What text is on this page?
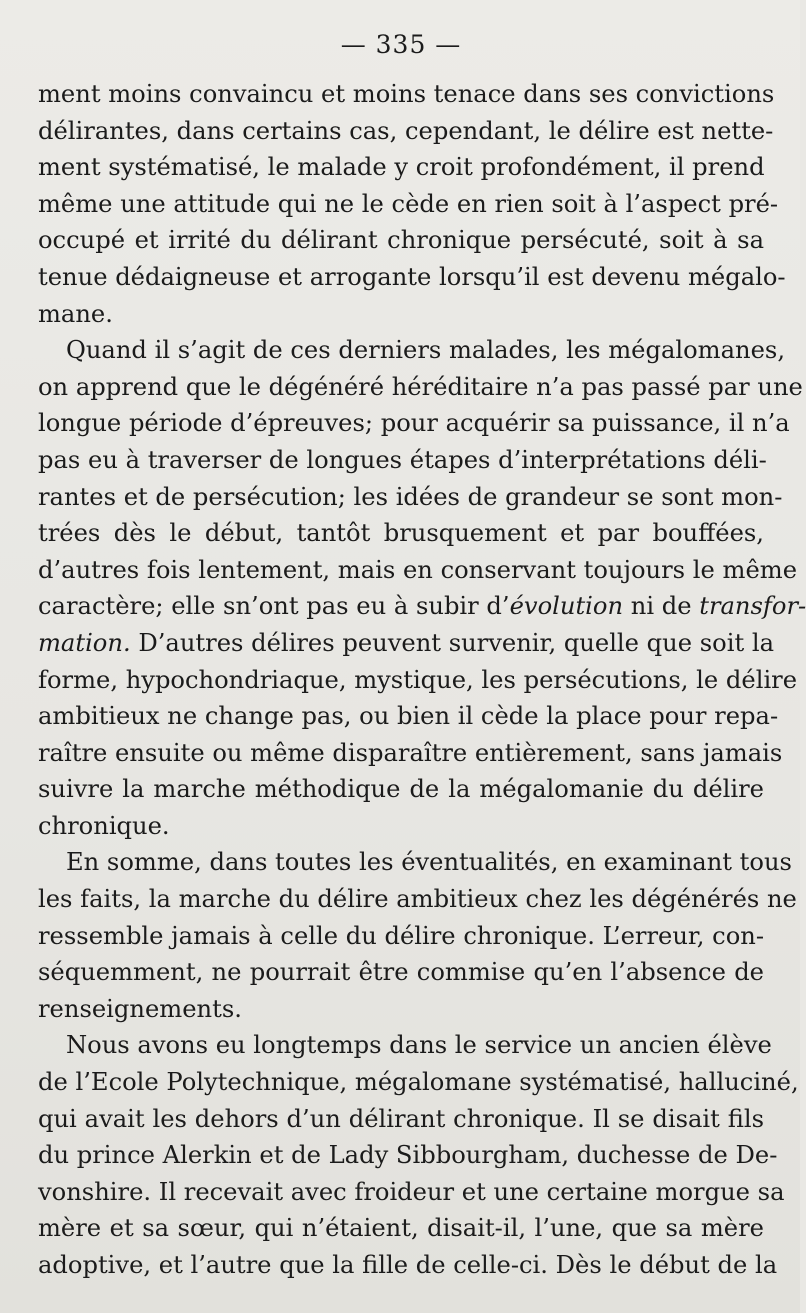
— 335 —
ment moins convaincu et moins tenace dans ses convictions
délirantes, dans certains cas, cependant, le délire est nette-
ment systématisé, le malade y croit profondément, il prend
même une attitude qui ne le cède en rien soit à l’aspect pré-
occupé et irrité du délirant chronique persécuté, soit à sa
tenue dédaigneuse et arrogante lorsqu’il est devenu mégalo-
mane.
Quand il s’agit de ces derniers malades, les mégalomanes,
on apprend que le dégénéré héréditaire n’a pas passé par une
longue période d’épreuves; pour acquérir sa puissance, il n’a
pas eu à traverser de longues étapes d’interprétations déli-
rantes et de persécution; les idées de grandeur se sont mon-
trées dès le début, tantôt brusquement et par bouffées,
d’autres fois lentement, mais en conservant toujours le même
caractère; elle sn’ont pas eu à subir d’évolution ni de transfor-
mation. D’autres délires peuvent survenir, quelle que soit la
forme, hypochondriaque, mystique, les persécutions, le délire
ambitieux ne change pas, ou bien il cède la place pour repa-
raître ensuite ou même disparaître entièrement, sans jamais
suivre la marche méthodique de la mégalomanie du délire
chronique.
En somme, dans toutes les éventualités, en examinant tous
les faits, la marche du délire ambitieux chez les dégénérés ne
ressemble jamais à celle du délire chronique. L’erreur, con-
séquemment, ne pourrait être commise qu’en l’absence de
renseignements.
Nous avons eu longtemps dans le service un ancien élève
de l’Ecole Polytechnique, mégalomane systématisé, halluciné,
qui avait les dehors d’un délirant chronique. Il se disait fils
du prince Alerkin et de Lady Sibbourgham, duchesse de De-
vonshire. Il recevait avec froideur et une certaine morgue sa
mère et sa sœur, qui n’étaient, disait-il, l’une, que sa mère
adoptive, et l’autre que la fille de celle-ci. Dès le début de la
